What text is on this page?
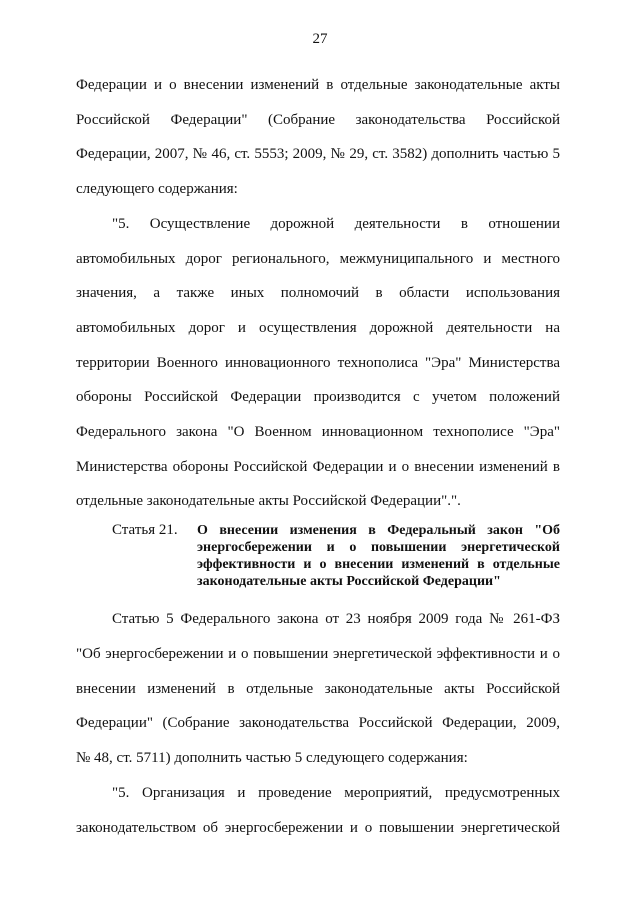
27
Федерации и о внесении изменений в отдельные законодательные акты
Российской Федерации" (Собрание законодательства Российской
Федерации, 2007, № 46, ст. 5553; 2009, № 29, ст. 3582) дополнить частью 5
следующего содержания:
"5. Осуществление дорожной деятельности в отношении
автомобильных дорог регионального, межмуниципального и местного
значения, а также иных полномочий в области использования
автомобильных дорог и осуществления дорожной деятельности на
территории Военного инновационного технополиса "Эра" Министерства
обороны Российской Федерации производится с учетом положений
Федерального закона "О Военном инновационном технополисе "Эра"
Министерства обороны Российской Федерации и о внесении изменений в
отдельные законодательные акты Российской Федерации".".
Статья 21. О внесении изменения в Федеральный закон "Об
энергосбережении и о повышении энергетической
эффективности и о внесении изменений в отдельные
законодательные акты Российской Федерации"
Статью 5 Федерального закона от 23 ноября 2009 года № 261-ФЗ
"Об энергосбережении и о повышении энергетической эффективности и о
внесении изменений в отдельные законодательные акты Российской
Федерации" (Собрание законодательства Российской Федерации, 2009,
№ 48, ст. 5711) дополнить частью 5 следующего содержания:
"5. Организация и проведение мероприятий, предусмотренных
законодательством об энергосбережении и о повышении энергетической
